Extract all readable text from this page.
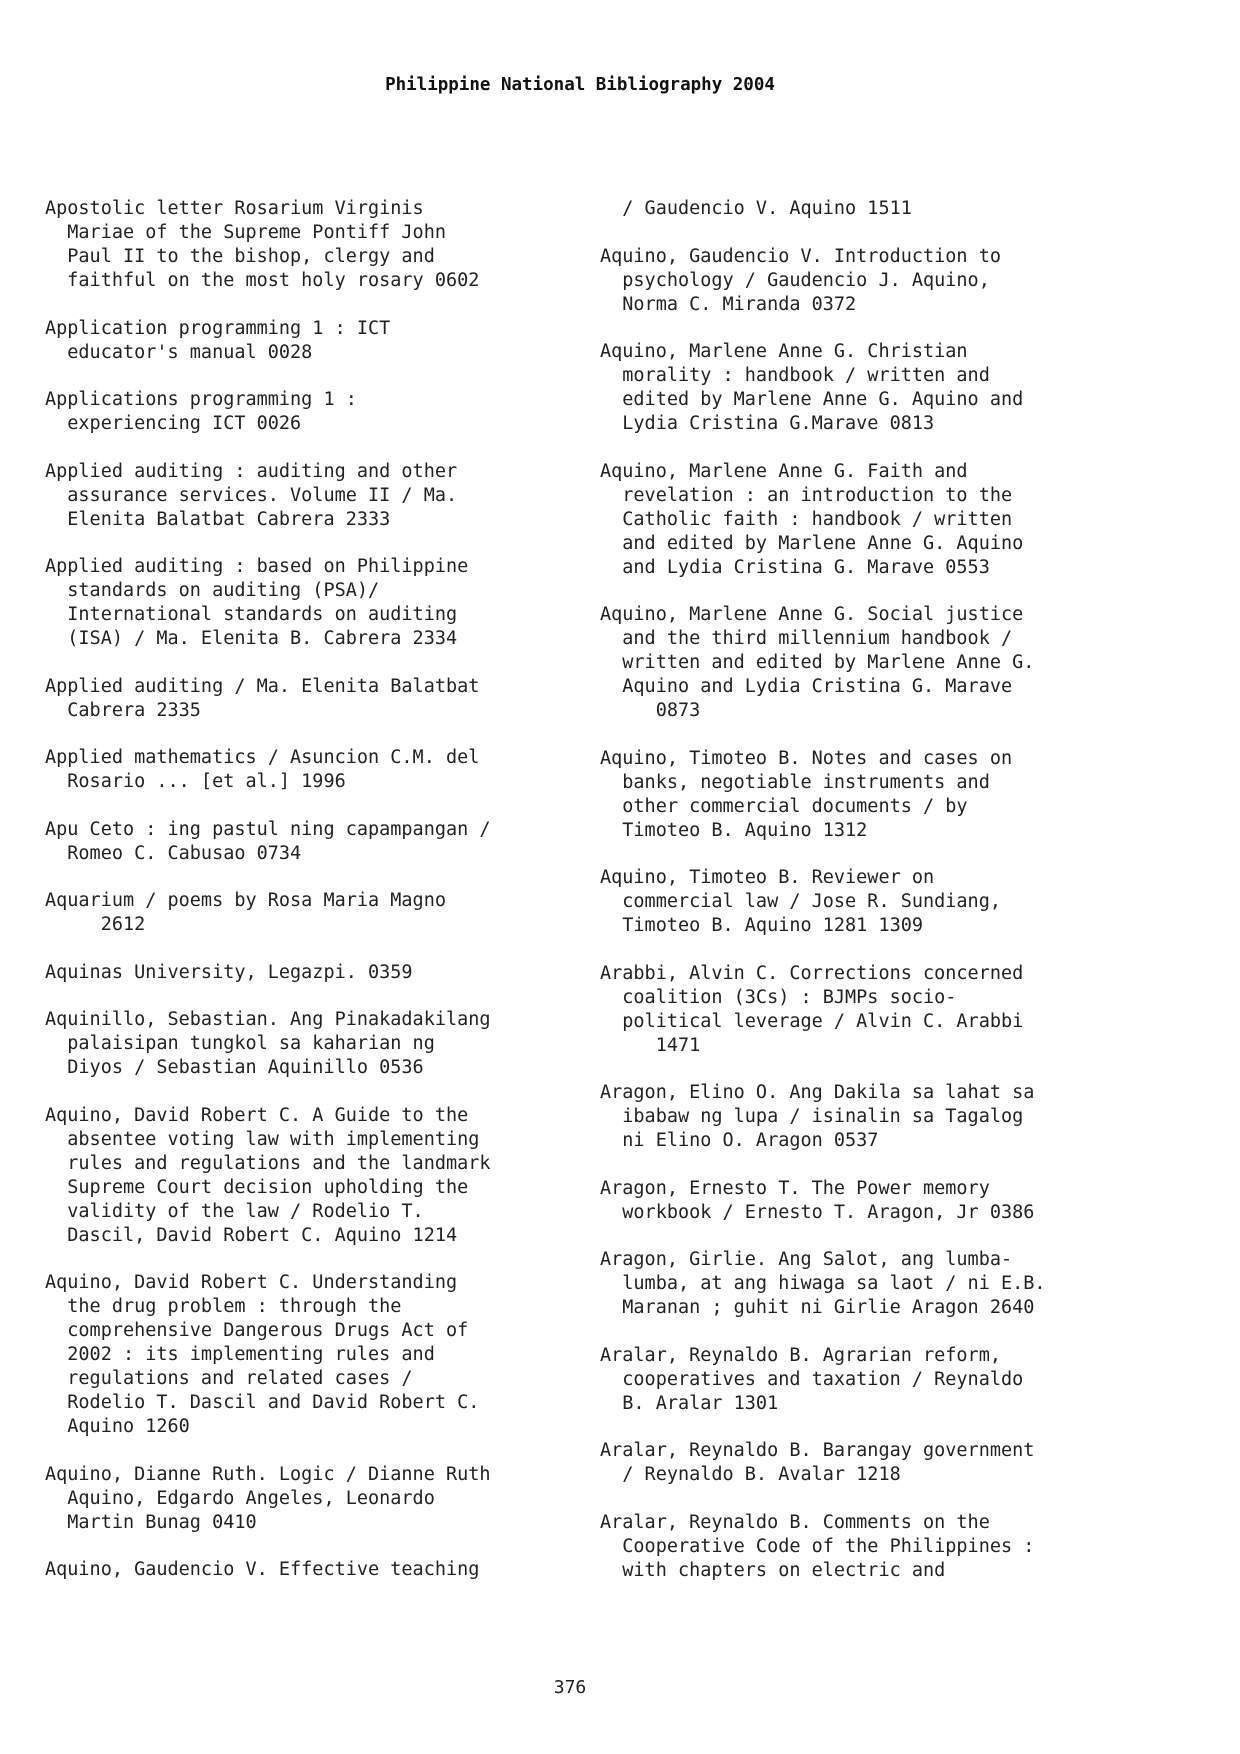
Philippine National Bibliography 2004

Apostolic letter Rosarium Virginis
Mariae of the Supreme Pontiff John
Paul II to the bishop, clergy and
faithful on the most holy rosary 0602

Application programming 1 : ICT
educator's manual 0028

Applications programming 1 :
experiencing ICT 0026

Applied auditing : auditing and other
assurance services. Volume II / Ma.
Elenita Balatbat Cabrera 2333

Applied auditing : based on Philippine
standards on auditing (PSA)/
International standards on auditing
(ISA) / Ma. Elenita B. Cabrera 2334

Applied auditing / Ma. Elenita Balatbat
Cabrera 2335

Applied mathematics / Asuncion C.M. del
Rosario ... [et al.] 1996

Apu Ceto : ing pastul ning capampangan /
Romeo C. Cabusao 0734

Aquarium / poems by Rosa Maria Magno
2612

Aquinas University, Legazpi. 0359

Aquinillo, Sebastian. Ang Pinakadakilang
palaisipan tungkol sa kaharian ng
Diyos / Sebastian Aquinillo 0536

Aquino, David Robert C. A Guide to the
absentee voting law with implementing
rules and regulations and the landmark
Supreme Court decision upholding the
validity of the law / Rodelio T.
Dascil, David Robert C. Aquino 1214

Aquino, David Robert C. Understanding
the drug problem : through the
comprehensive Dangerous Drugs Act of
2002 : its implementing rules and
regulations and related cases /
Rodelio T. Dascil and David Robert C.
Aquino 1260

Aquino, Dianne Ruth. Logic / Dianne Ruth
Aquino, Edgardo Angeles, Leonardo
Martin Bunag 0410

Aquino, Gaudencio V. Effective teaching

/ Gaudencio V. Aquino 1511

Aquino, Gaudencio V. Introduction to
psychology / Gaudencio J. Aquino,
Norma C. Miranda 0372

Aquino, Marlene Anne G. Christian
morality : handbook / written and
edited by Marlene Anne G. Aquino and
Lydia Cristina G.Marave 0813

Aquino, Marlene Anne G. Faith and
revelation : an introduction to the
Catholic faith : handbook / written
and edited by Marlene Anne G. Aquino
and Lydia Cristina G. Marave 0553

Aquino, Marlene Anne G. Social justice
and the third millennium handbook /
written and edited by Marlene Anne G.
Aquino and Lydia Cristina G. Marave
0873

Aquino, Timoteo B. Notes and cases on
banks, negotiable instruments and
other commercial documents / by
Timoteo B. Aquino 1312

Aquino, Timoteo B. Reviewer on
commercial law / Jose R. Sundiang,
Timoteo B. Aquino 1281 1309

Arabbi, Alvin C. Corrections concerned
coalition (3Cs) : BJMPs socio-
political leverage / Alvin C. Arabbi
1471

Aragon, Elino O. Ang Dakila sa lahat sa
ibabaw ng lupa / isinalin sa Tagalog
ni Elino O. Aragon 0537

Aragon, Ernesto T. The Power memory
workbook / Ernesto T. Aragon, Jr 0386

Aragon, Girlie. Ang Salot, ang lumba-
lumba, at ang hiwaga sa laot / ni E.B.
Maranan ; guhit ni Girlie Aragon 2640

Aralar, Reynaldo B. Agrarian reform,
cooperatives and taxation / Reynaldo
B. Aralar 1301

Aralar, Reynaldo B. Barangay government
/ Reynaldo B. Avalar 1218

Aralar, Reynaldo B. Comments on the
Cooperative Code of the Philippines :
with chapters on electric and

376
